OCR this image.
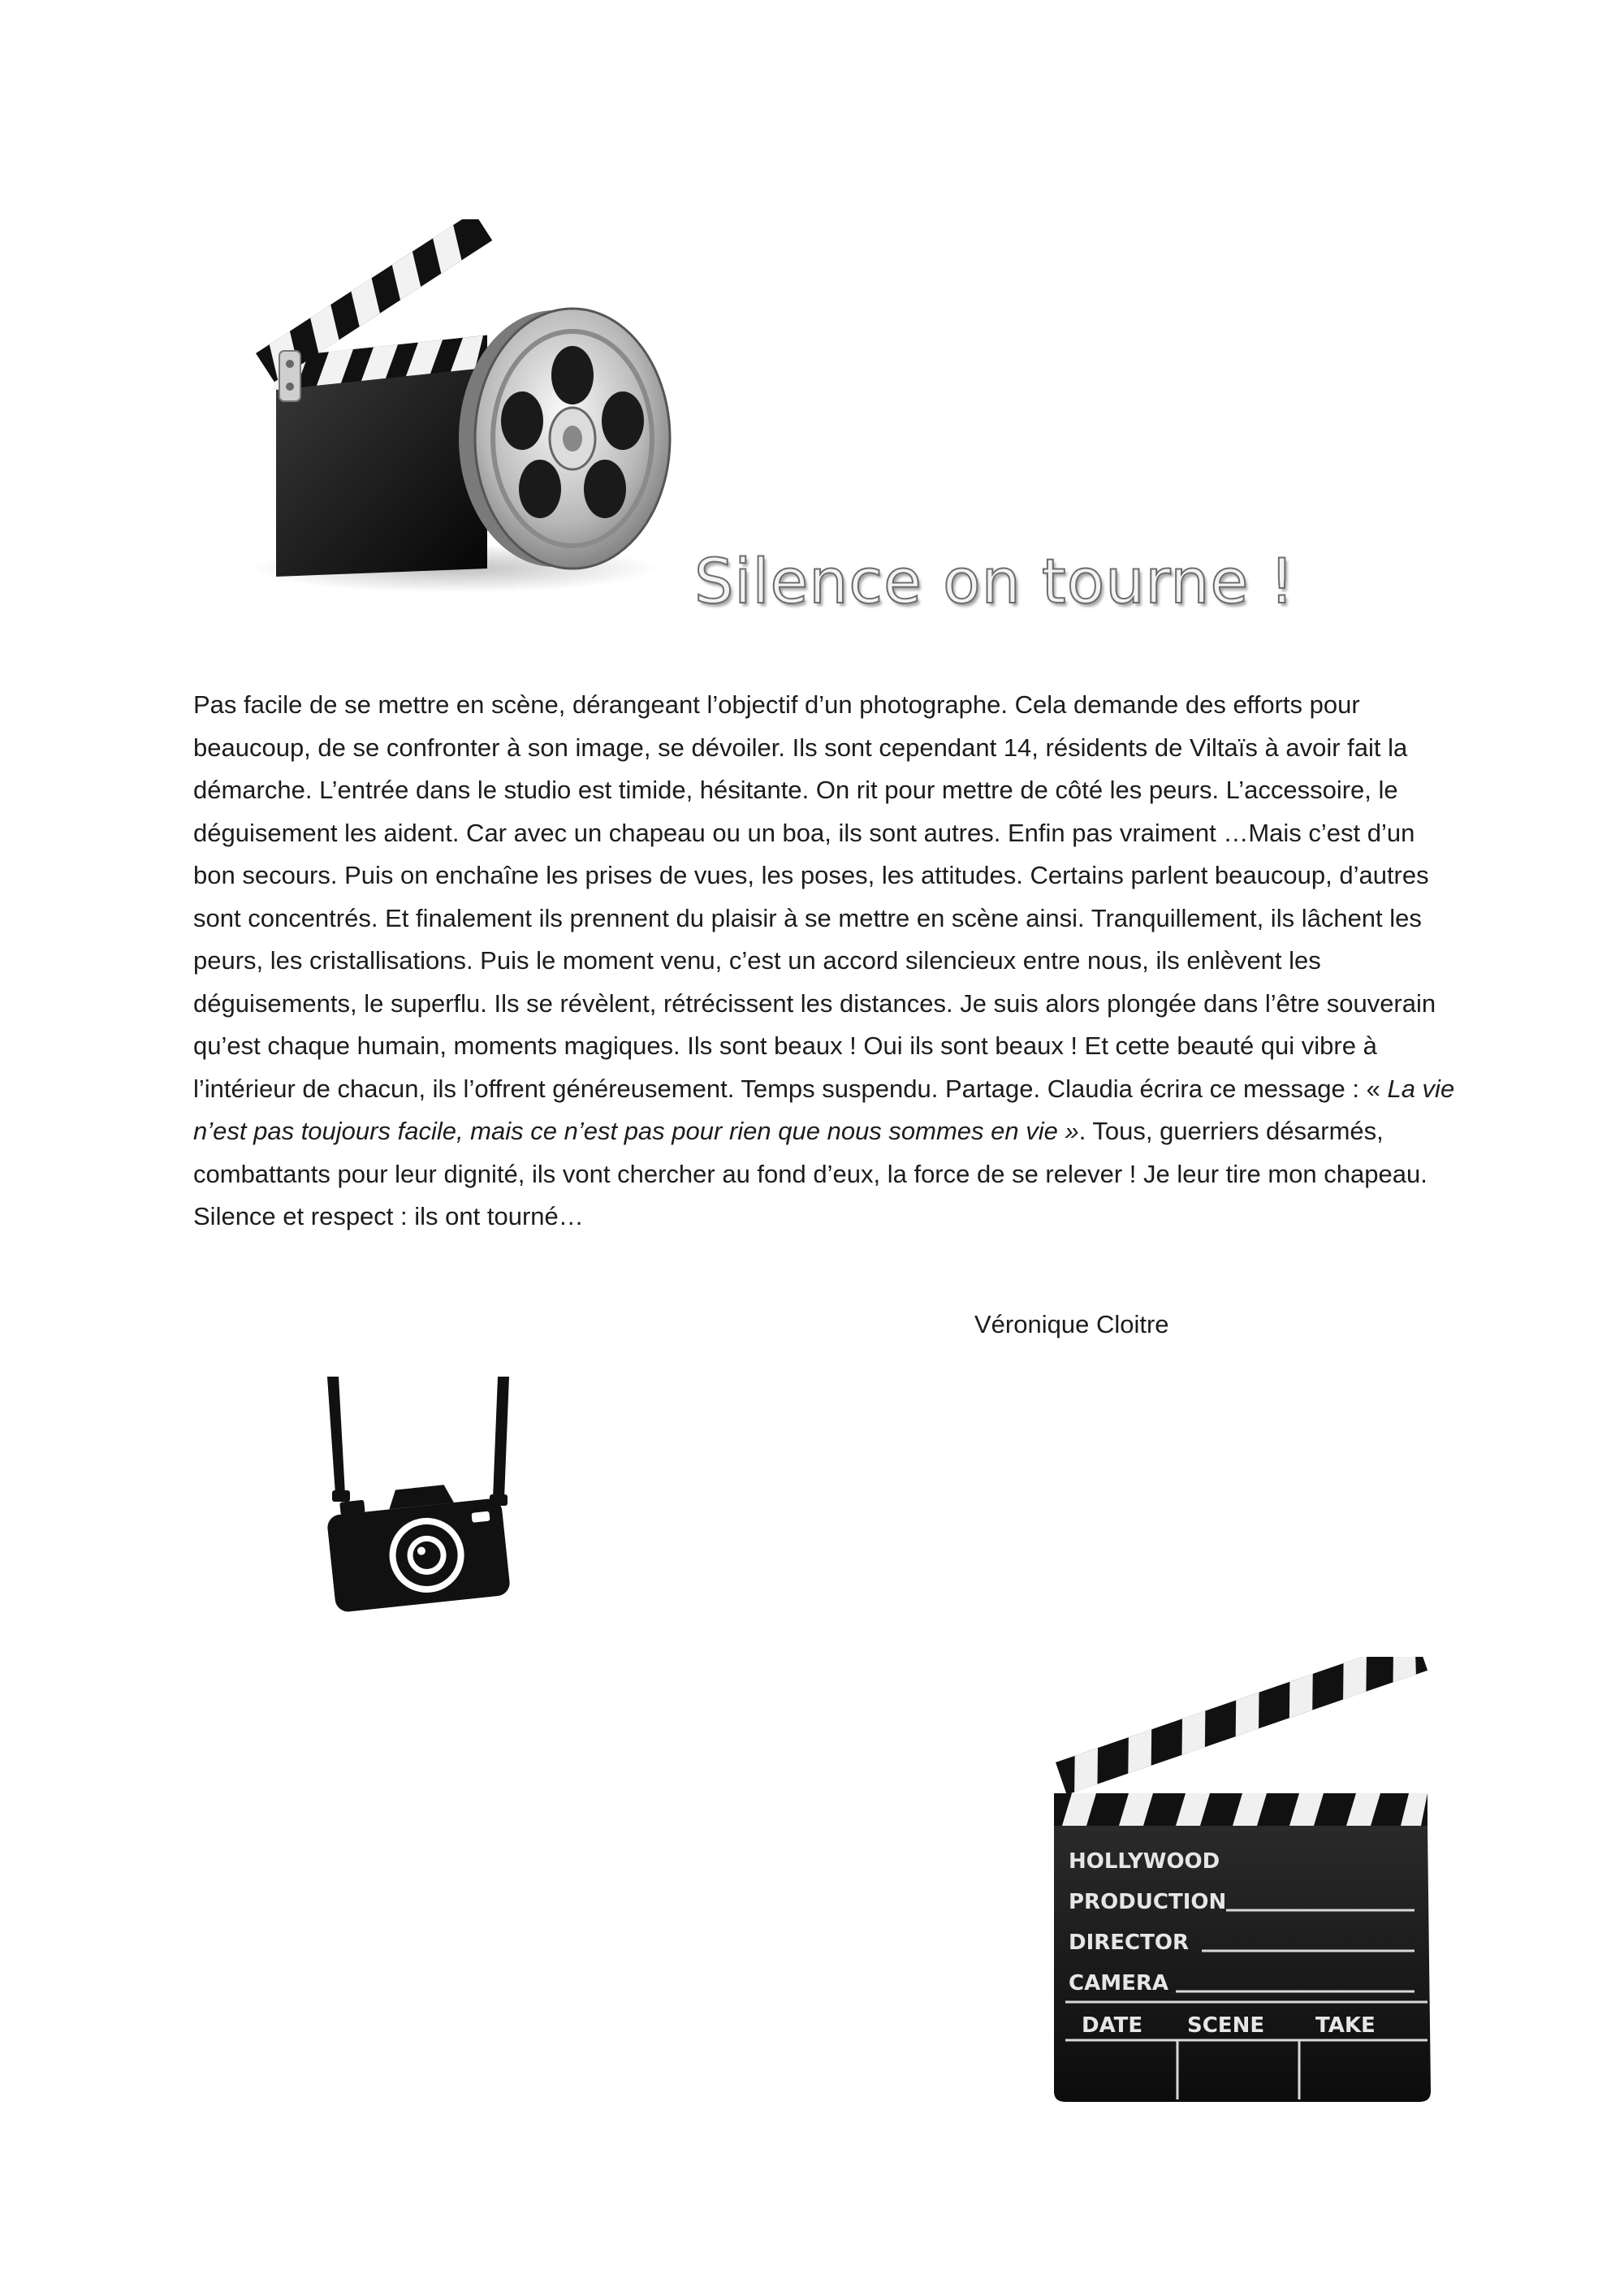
Silence on tourne !

Pas facile de se mettre en scène, dérangeant l’objectif d’un photographe. Cela demande des efforts pour beaucoup, de se confronter à son image, se dévoiler. Ils sont cependant 14, résidents de Viltaïs à avoir fait la démarche. L’entrée dans le studio est timide, hésitante. On rit pour mettre de côté les peurs. L’accessoire, le déguisement les aident. Car avec un chapeau ou un boa, ils sont autres. Enfin pas vraiment …Mais c’est d’un bon secours. Puis on enchaîne les prises de vues, les poses, les attitudes. Certains parlent beaucoup, d’autres sont concentrés. Et finalement ils prennent du plaisir à se mettre en scène ainsi. Tranquillement, ils lâchent les peurs, les cristallisations. Puis le moment venu, c’est un accord silencieux entre nous, ils enlèvent les déguisements, le superflu. Ils se révèlent, rétrécissent les distances. Je suis alors plongée dans l’être souverain qu’est chaque humain, moments magiques. Ils sont beaux ! Oui ils sont beaux ! Et cette beauté qui vibre à l’intérieur de chacun, ils l’offrent généreusement. Temps suspendu. Partage. Claudia écrira ce message : « La vie n’est pas toujours facile, mais ce n’est pas pour rien que nous sommes en vie ». Tous, guerriers désarmés, combattants pour leur dignité, ils vont chercher au fond d’eux, la force de se relever ! Je leur tire mon chapeau. Silence et respect : ils ont tourné…

Véronique Cloitre
HOLLYWOOD
PRODUCTION
DIRECTOR
CAMERA
DATE SCENE TAKE
